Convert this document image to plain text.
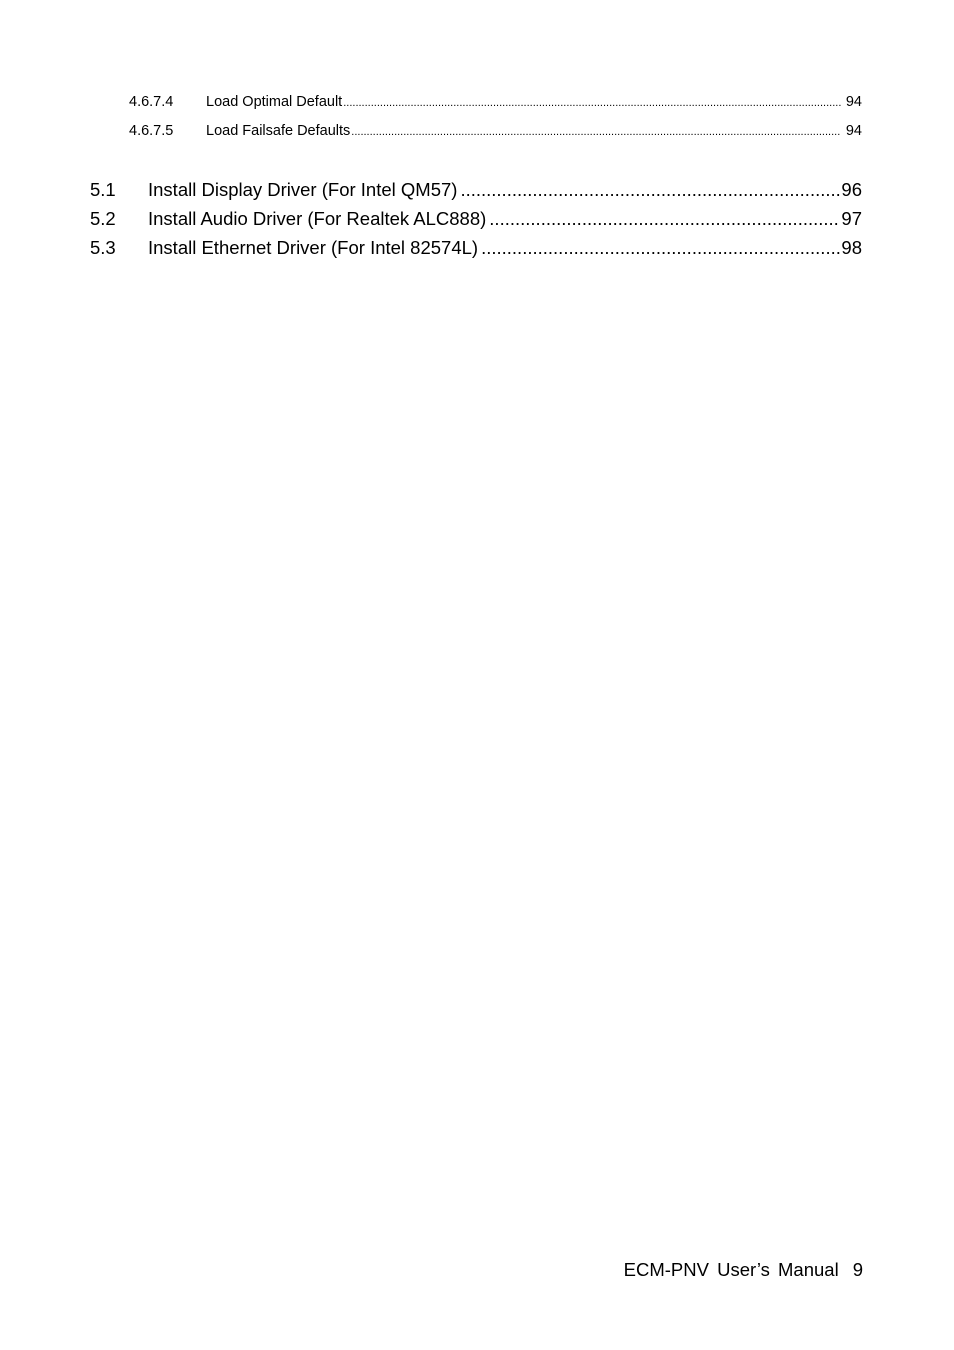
4.6.7.4	Load Optimal Default .....	94
4.6.7.5	Load Failsafe Defaults .....	94
5.1	Install Display Driver (For Intel QM57) .....	96
5.2	Install Audio Driver (For Realtek ALC888) .....	97
5.3	Install Ethernet Driver (For Intel 82574L) .....	98
ECM-PNV User’s Manual 9
